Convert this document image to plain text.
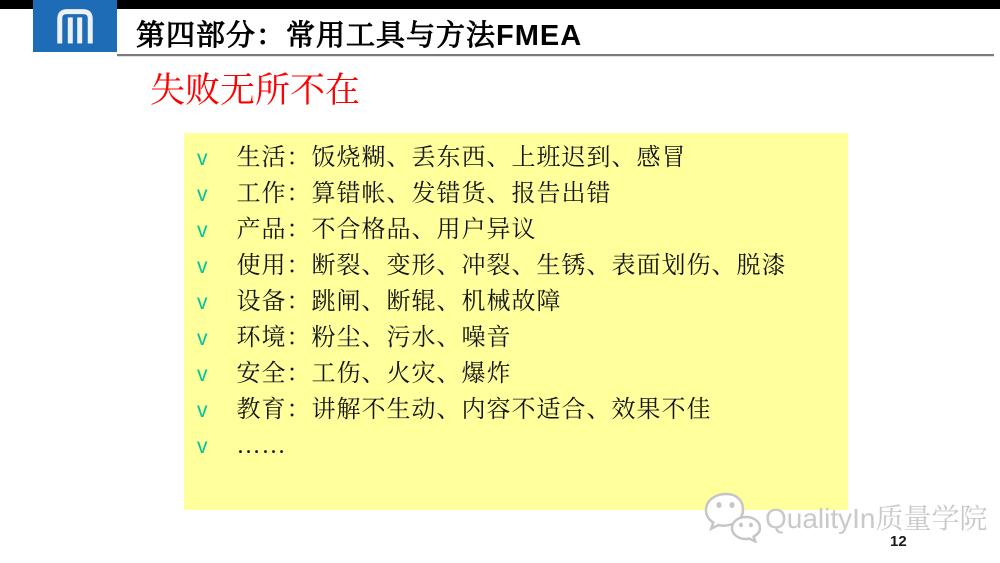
第四部分：常用工具与方法FMEA
失败无所不在
v 生活：饭烧糊、丢东西、上班迟到、感冒
v 工作：算错帐、发错货、报告出错
v 产品：不合格品、用户异议
v 使用：断裂、变形、冲裂、生锈、表面划伤、脱漆
v 设备：跳闸、断辊、机械故障
v 环境：粉尘、污水、噪音
v 安全：工伤、火灾、爆炸
v 教育：讲解不生动、内容不适合、效果不佳
v ……
QualityIn质量学院
12
